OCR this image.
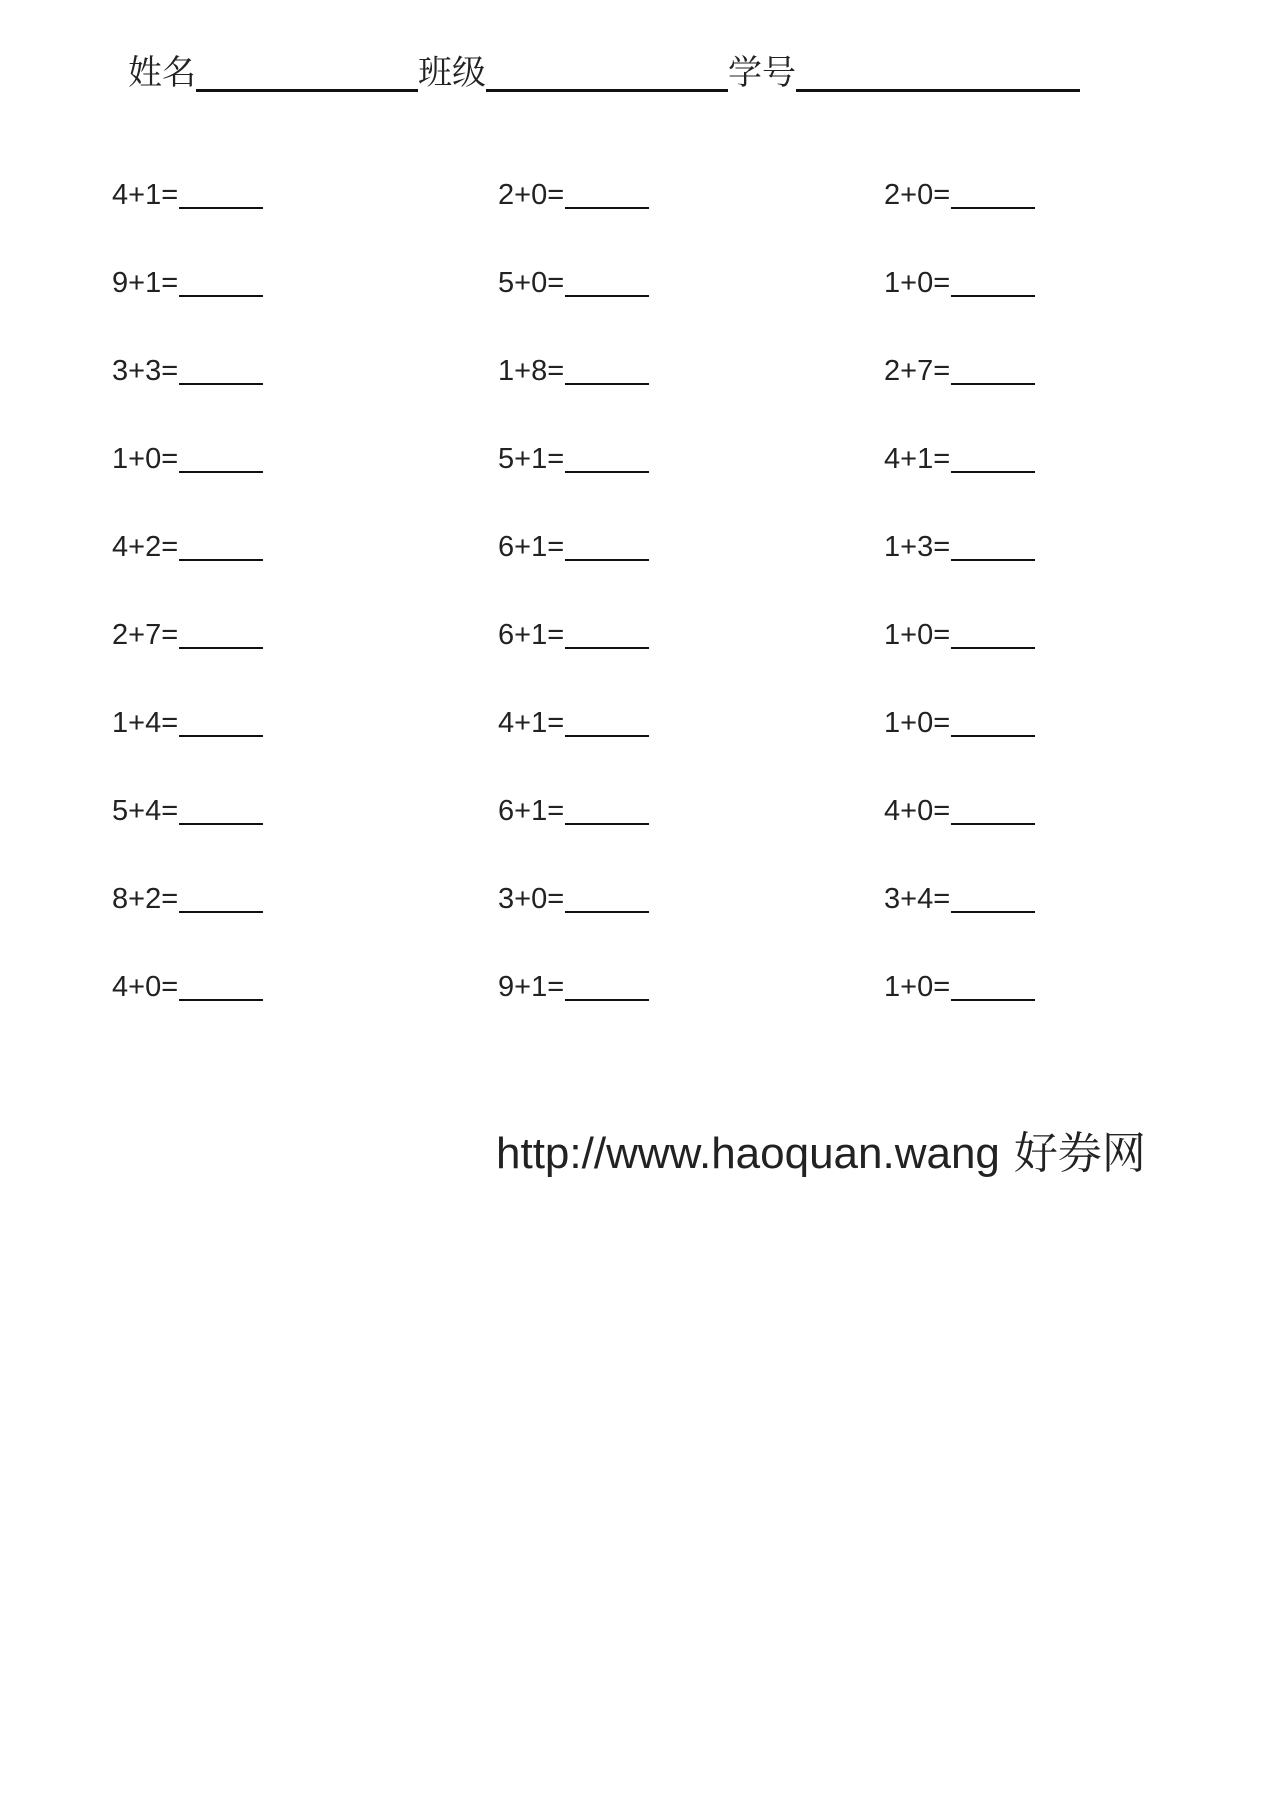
姓名	班级	学号
4+1=	2+0=	2+0=
9+1=	5+0=	1+0=
3+3=	1+8=	2+7=
1+0=	5+1=	4+1=
4+2=	6+1=	1+3=
2+7=	6+1=	1+0=
1+4=	4+1=	1+0=
5+4=	6+1=	4+0=
8+2=	3+0=	3+4=
4+0=	9+1=	1+0=
http://www.haoquan.wang 好券网
